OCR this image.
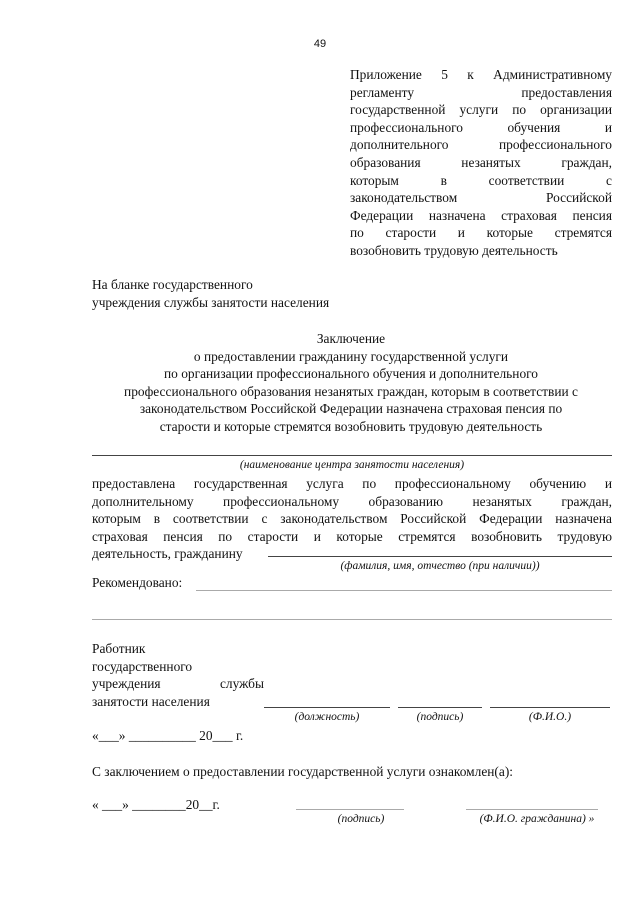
49
Приложение 5 к Административному
регламенту предоставления
государственной услуги по организации
профессионального обучения и
дополнительного профессионального
образования незанятых граждан,
которым в соответствии с
законодательством Российской
Федерации назначена страховая пенсия
по старости и которые стремятся
возобновить трудовую деятельность
На бланке государственного
учреждения службы занятости населения
Заключение
о предоставлении гражданину государственной услуги
по организации профессионального обучения и дополнительного
профессионального образования незанятых граждан, которым в соответствии с
законодательством Российской Федерации назначена страховая пенсия по
старости и которые стремятся возобновить трудовую деятельность
(наименование центра занятости населения)
предоставлена государственная услуга по профессиональному обучению и
дополнительному профессиональному образованию незанятых граждан,
которым в соответствии с законодательством Российской Федерации назначена
страховая пенсия по старости и которые стремятся возобновить трудовую
деятельность, гражданину
(фамилия, имя, отчество (при наличии))
Рекомендовано:
Работник
государственного
учреждения службы
занятости населения
(должность)	(подпись)	(Ф.И.О.)
«___» __________ 20___ г.
С заключением о предоставлении государственной услуги ознакомлен(а):
« ___» ________20__г.
(подпись)	(Ф.И.О. гражданина) »
